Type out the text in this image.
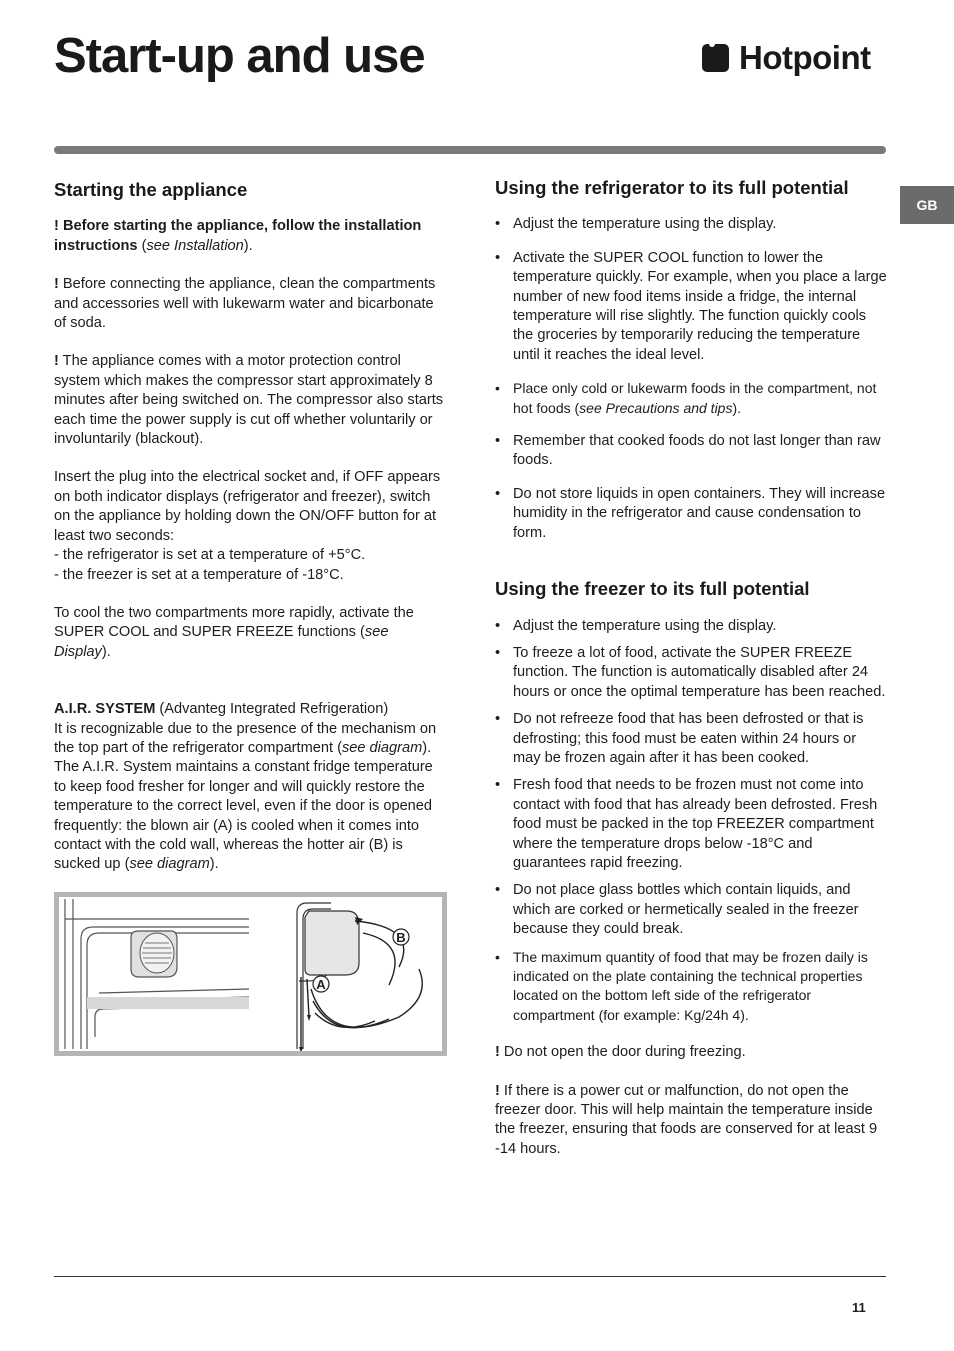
Start-up and use	Hotpoint
GB
Starting the appliance

! Before starting the appliance, follow the installation instructions (see Installation).

! Before connecting the appliance, clean the compartments and accessories well with lukewarm water and bicarbonate of soda.

! The appliance comes with a motor protection control system which makes the compressor start approximately 8 minutes after being switched on. The compressor also starts each time the power supply is cut off whether voluntarily or involuntarily (blackout).

Insert the plug into the electrical socket and, if OFF appears on both indicator displays (refrigerator and freezer), switch on the appliance by holding down the ON/OFF button for at least two seconds:
- the refrigerator is set at a temperature of +5°C.
- the freezer is set at a temperature of -18°C.

To cool the two compartments more rapidly, activate the SUPER COOL and SUPER FREEZE functions (see Display).

A.I.R. SYSTEM (Advanteg Integrated Refrigeration)
It is recognizable due to the presence of the mechanism on the top part of the refrigerator compartment (see diagram). The A.I.R. System maintains a constant fridge temperature to keep food fresher for longer and will quickly restore the temperature to the correct level, even if the door is opened frequently: the blown air (A) is cooled when it comes into contact with the cold wall, whereas the hotter air (B) is sucked up (see diagram).

B
A
Using the refrigerator to its full potential
• Adjust the temperature using the display.
• Activate the SUPER COOL function to lower the temperature quickly. For example, when you place a large number of new food items inside a fridge, the internal temperature will rise slightly. The function quickly cools the groceries by temporarily reducing the temperature until it reaches the ideal level.
• Place only cold or lukewarm foods in the compartment, not hot foods (see Precautions and tips).
• Remember that cooked foods do not last longer than raw foods.
• Do not store liquids in open containers. They will increase humidity in the refrigerator and cause condensation to form.
Using the freezer to its full potential
• Adjust the temperature using the display.
• To freeze a lot of food, activate the SUPER FREEZE function. The function is automatically disabled after 24 hours or once the optimal temperature has been reached.
• Do not refreeze food that has been defrosted or that is defrosting; this food must be eaten within 24 hours or may be frozen again after it has been cooked.
• Fresh food that needs to be frozen must not come into contact with food that has already been defrosted. Fresh food must be packed in the top FREEZER compartment where the temperature drops below -18°C and guarantees rapid freezing.
• Do not place glass bottles which contain liquids, and which are corked or hermetically sealed in the freezer because they could break.
• The maximum quantity of food that may be frozen daily is indicated on the plate containing the technical properties located on the bottom left side of the refrigerator compartment (for example: Kg/24h 4).

! Do not open the door during freezing.

! If there is a power cut or malfunction, do not open the freezer door. This will help maintain the temperature inside the freezer, ensuring that foods are conserved for at least 9 -14 hours.

11
